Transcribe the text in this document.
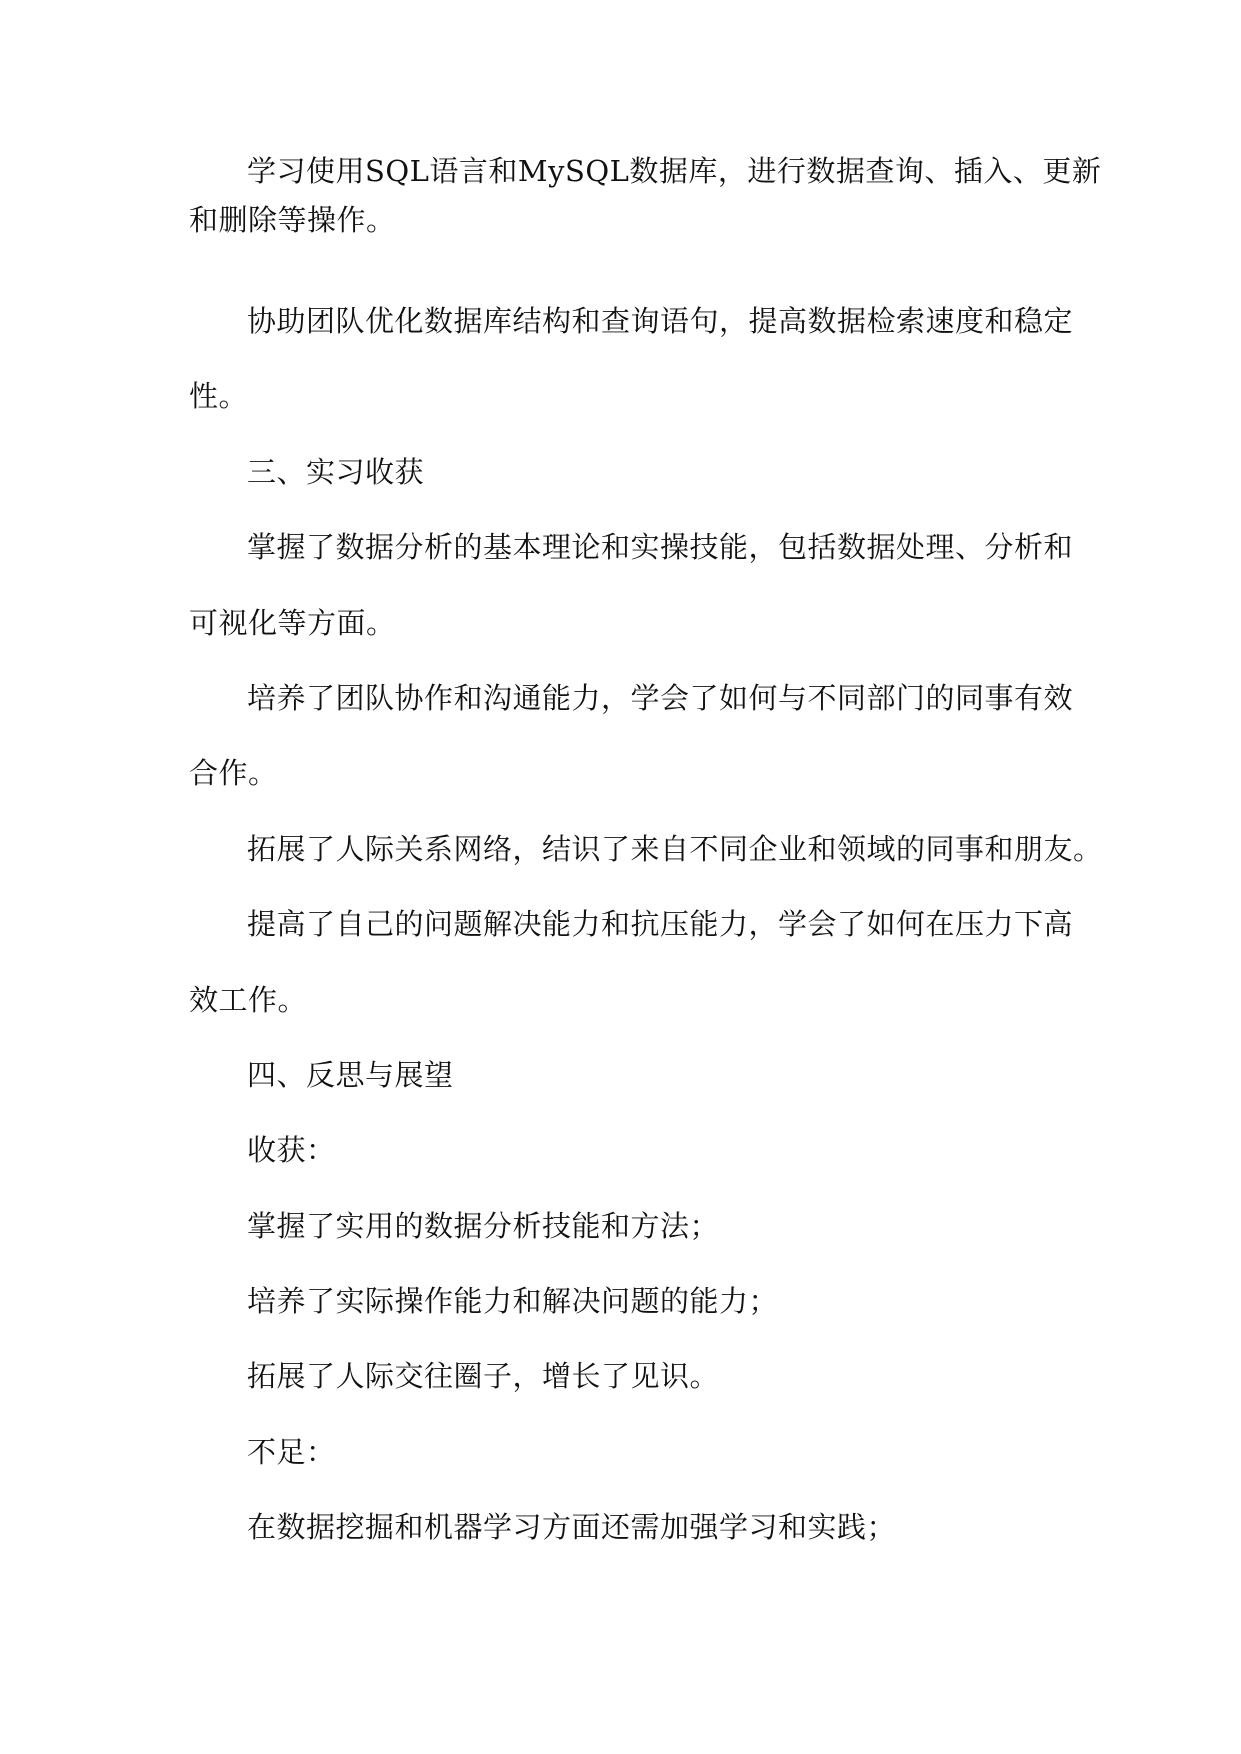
学习使用SQL语言和MySQL数据库，进行数据查询、插入、更新

和删除等操作。

协助团队优化数据库结构和查询语句，提高数据检索速度和稳定

性。

三、实习收获

掌握了数据分析的基本理论和实操技能，包括数据处理、分析和

可视化等方面。

培养了团队协作和沟通能力，学会了如何与不同部门的同事有效

合作。

拓展了人际关系网络，结识了来自不同企业和领域的同事和朋友。

提高了自己的问题解决能力和抗压能力，学会了如何在压力下高

效工作。

四、反思与展望

收获：

掌握了实用的数据分析技能和方法；

培养了实际操作能力和解决问题的能力；

拓展了人际交往圈子，增长了见识。

不足：

在数据挖掘和机器学习方面还需加强学习和实践；
